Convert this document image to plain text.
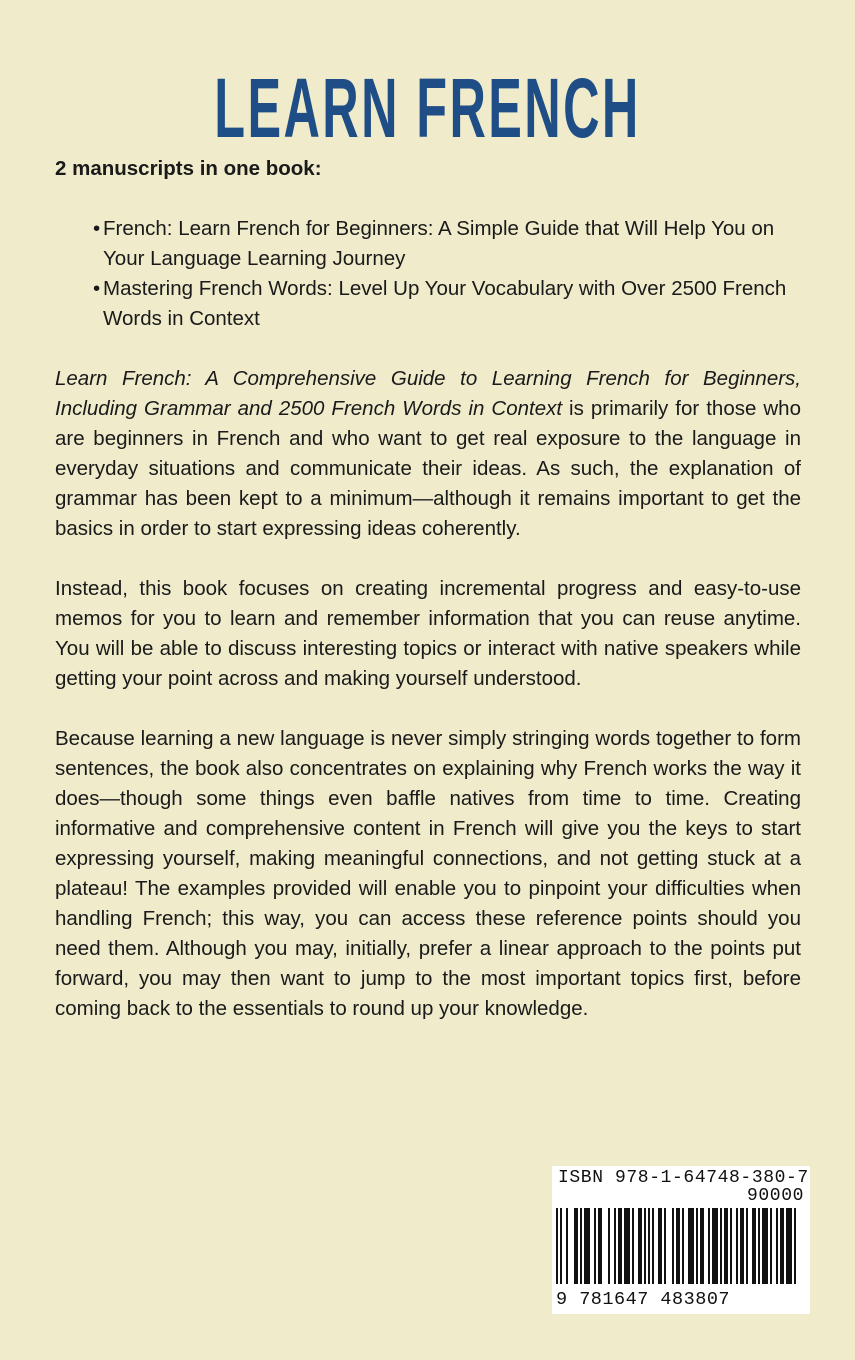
LEARN FRENCH
2 manuscripts in one book:
• French: Learn French for Beginners: A Simple Guide that Will Help You on Your Language Learning Journey
• Mastering French Words: Level Up Your Vocabulary with Over 2500 French Words in Context

Learn French: A Comprehensive Guide to Learning French for Beginners, Including Grammar and 2500 French Words in Context is primarily for those who are beginners in French and who want to get real exposure to the language in everyday situations and communicate their ideas. As such, the explanation of grammar has been kept to a minimum—although it remains important to get the basics in order to start expressing ideas coherently.

Instead, this book focuses on creating incremental progress and easy-to-use memos for you to learn and remember information that you can reuse anytime. You will be able to discuss interesting topics or interact with native speakers while getting your point across and making yourself understood.

Because learning a new language is never simply stringing words together to form sentences, the book also concentrates on explaining why French works the way it does—though some things even baffle natives from time to time. Creating informative and comprehensive content in French will give you the keys to start expressing yourself, making meaningful connections, and not getting stuck at a plateau! The examples provided will enable you to pinpoint your difficulties when handling French; this way, you can access these reference points should you need them. Although you may, initially, prefer a linear approach to the points put forward, you may then want to jump to the most important topics first, before coming back to the essentials to round up your knowledge.

ISBN 978-1-64748-380-7
90000
9 781647 483807
